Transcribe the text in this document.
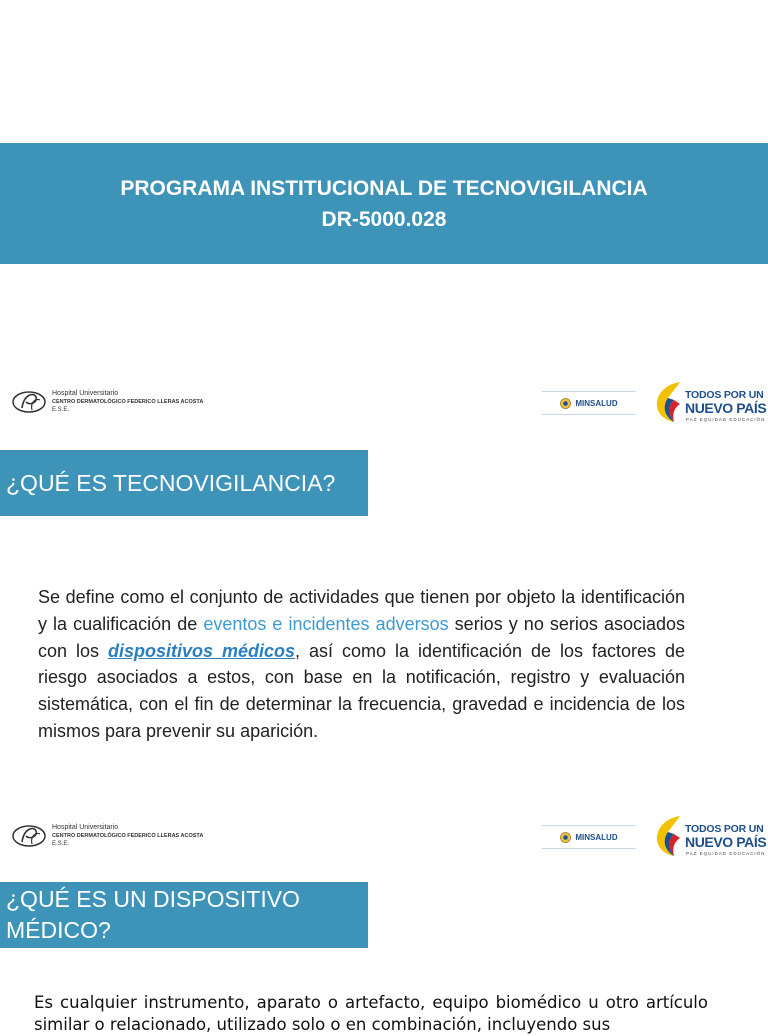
PROGRAMA INSTITUCIONAL DE TECNOVIGILANCIA
DR-5000.028
Hospital Universitario
CENTRO DERMATOLÓGICO FEDERICO LLERAS ACOSTA
E.S.E.
MINSALUD
TODOS POR UN
NUEVO PAÍS
PAZ EQUIDAD EDUCACIÓN
¿QUÉ ES TECNOVIGILANCIA?
Se define como el conjunto de actividades que tienen por objeto la identificación y la cualificación de eventos e incidentes adversos serios y no serios asociados con los dispositivos médicos, así como la identificación de los factores de riesgo asociados a estos, con base en la notificación, registro y evaluación sistemática, con el fin de determinar la frecuencia, gravedad e incidencia de los mismos para prevenir su aparición.
Hospital Universitario
CENTRO DERMATOLÓGICO FEDERICO LLERAS ACOSTA
E.S.E.
MINSALUD
TODOS POR UN
NUEVO PAÍS
PAZ EQUIDAD EDUCACIÓN
¿QUÉ ES UN DISPOSITIVO
MÉDICO?
Es cualquier instrumento, aparato o artefacto, equipo biomédico u otro artículo similar o relacionado, utilizado solo o en combinación, incluyendo sus
